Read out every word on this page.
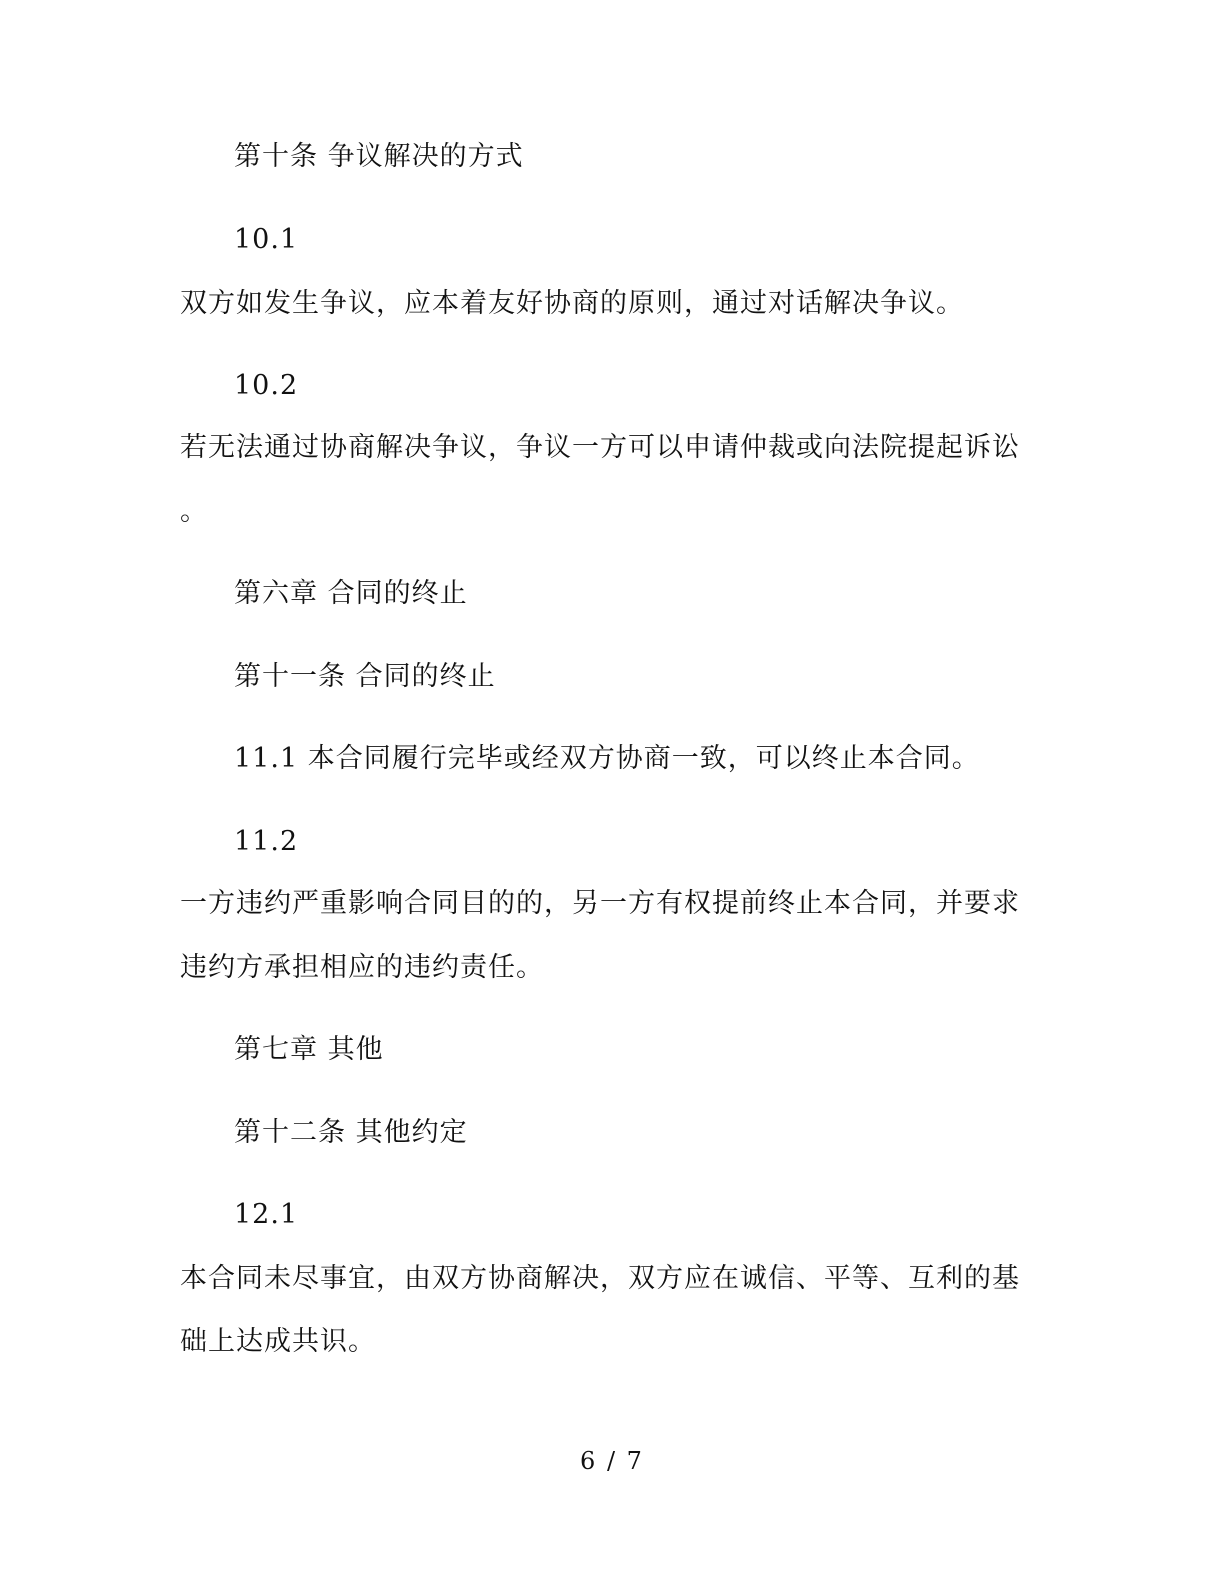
第十条 争议解决的方式
10.1
双方如发生争议，应本着友好协商的原则，通过对话解决争议。
10.2
若无法通过协商解决争议，争议一方可以申请仲裁或向法院提起诉讼
。
第六章 合同的终止
第十一条 合同的终止
11.1 本合同履行完毕或经双方协商一致，可以终止本合同。
11.2
一方违约严重影响合同目的的，另一方有权提前终止本合同，并要求
违约方承担相应的违约责任。
第七章 其他
第十二条 其他约定
12.1
本合同未尽事宜，由双方协商解决，双方应在诚信、平等、互利的基
础上达成共识。
6 / 7
